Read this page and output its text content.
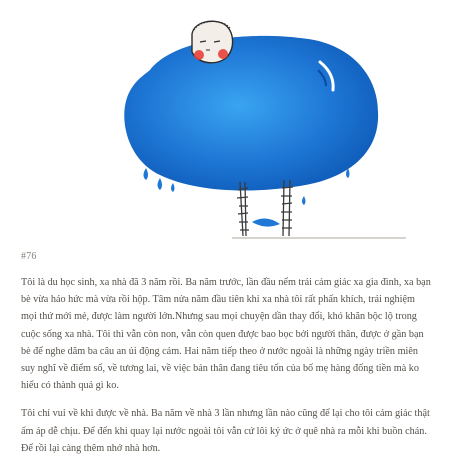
#76

Tôi là du học sinh, xa nhà đã 3 năm rồi. Ba năm trước, lần đầu nếm trải cảm giác xa gia đình, xa bạn bè vừa háo hức mà vừa rồi hộp. Tâm nửa năm đầu tiên khi xa nhà tôi rất phấn khích, trải nghiệm mọi thứ mới mẻ, được làm người lớn.Nhưng sau mọi chuyện dần thay đổi, khó khăn bộc lộ trong cuộc sống xa nhà. Tôi thì vẫn còn non, vẫn còn quen được bao bọc bởi người thân, được ở gần bạn bè để nghe dăm ba câu an ủi động cảm. Hai năm tiếp theo ở nước ngoài là những ngày triền miên suy nghĩ về điểm số, về tương lai, về việc bản thân đang tiêu tốn của bố mẹ hàng đống tiền mà ko hiểu có thành quả gì ko.

Tôi chỉ vui về khi được về nhà. Ba năm về nhà 3 lần nhưng lần nào cũng để lại cho tôi cảm giác thật ấm áp dễ chịu. Để đến khi quay lại nước ngoài tôi vẫn cứ lôi kỷ ức ở quê nhà ra mỗi khi buồn chán. Để rồi lại càng thêm nhớ nhà hơn.
